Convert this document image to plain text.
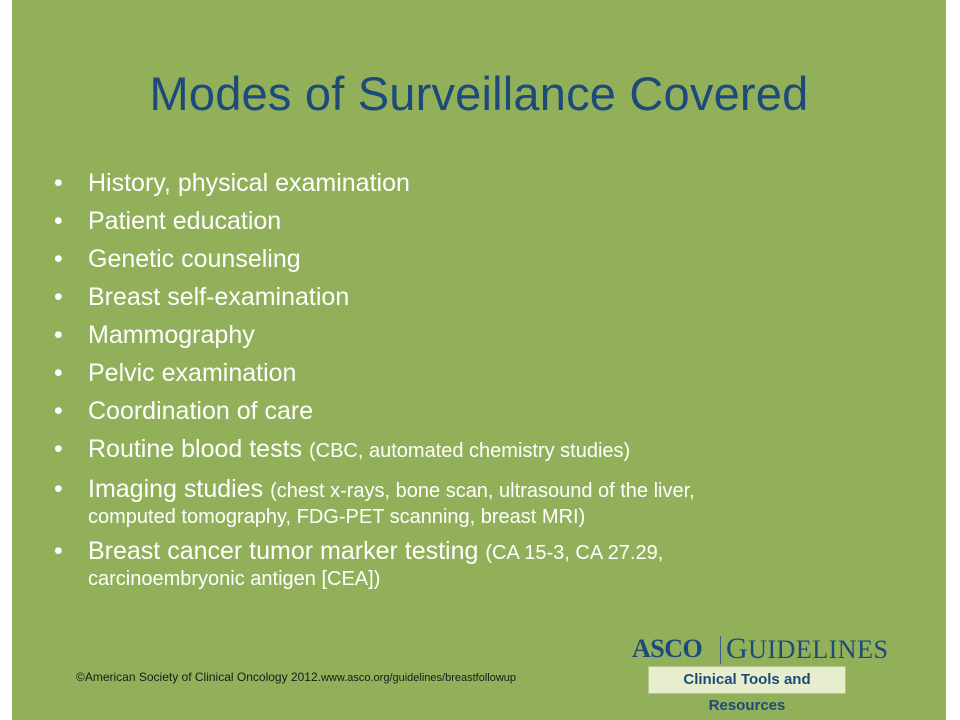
Modes of Surveillance Covered
• History, physical examination
• Patient education
• Genetic counseling
• Breast self-examination
• Mammography
• Pelvic examination
• Coordination of care
• Routine blood tests (CBC, automated chemistry studies)
• Imaging studies (chest x-rays, bone scan, ultrasound of the liver,
computed tomography, FDG-PET scanning, breast MRI)
• Breast cancer tumor marker testing (CA 15-3, CA 27.29,
carcinoembryonic antigen [CEA])
©American Society of Clinical Oncology 2012.www.asco.org/guidelines/breastfollowup
ASCO GUIDELINES
Clinical Tools and Resources
